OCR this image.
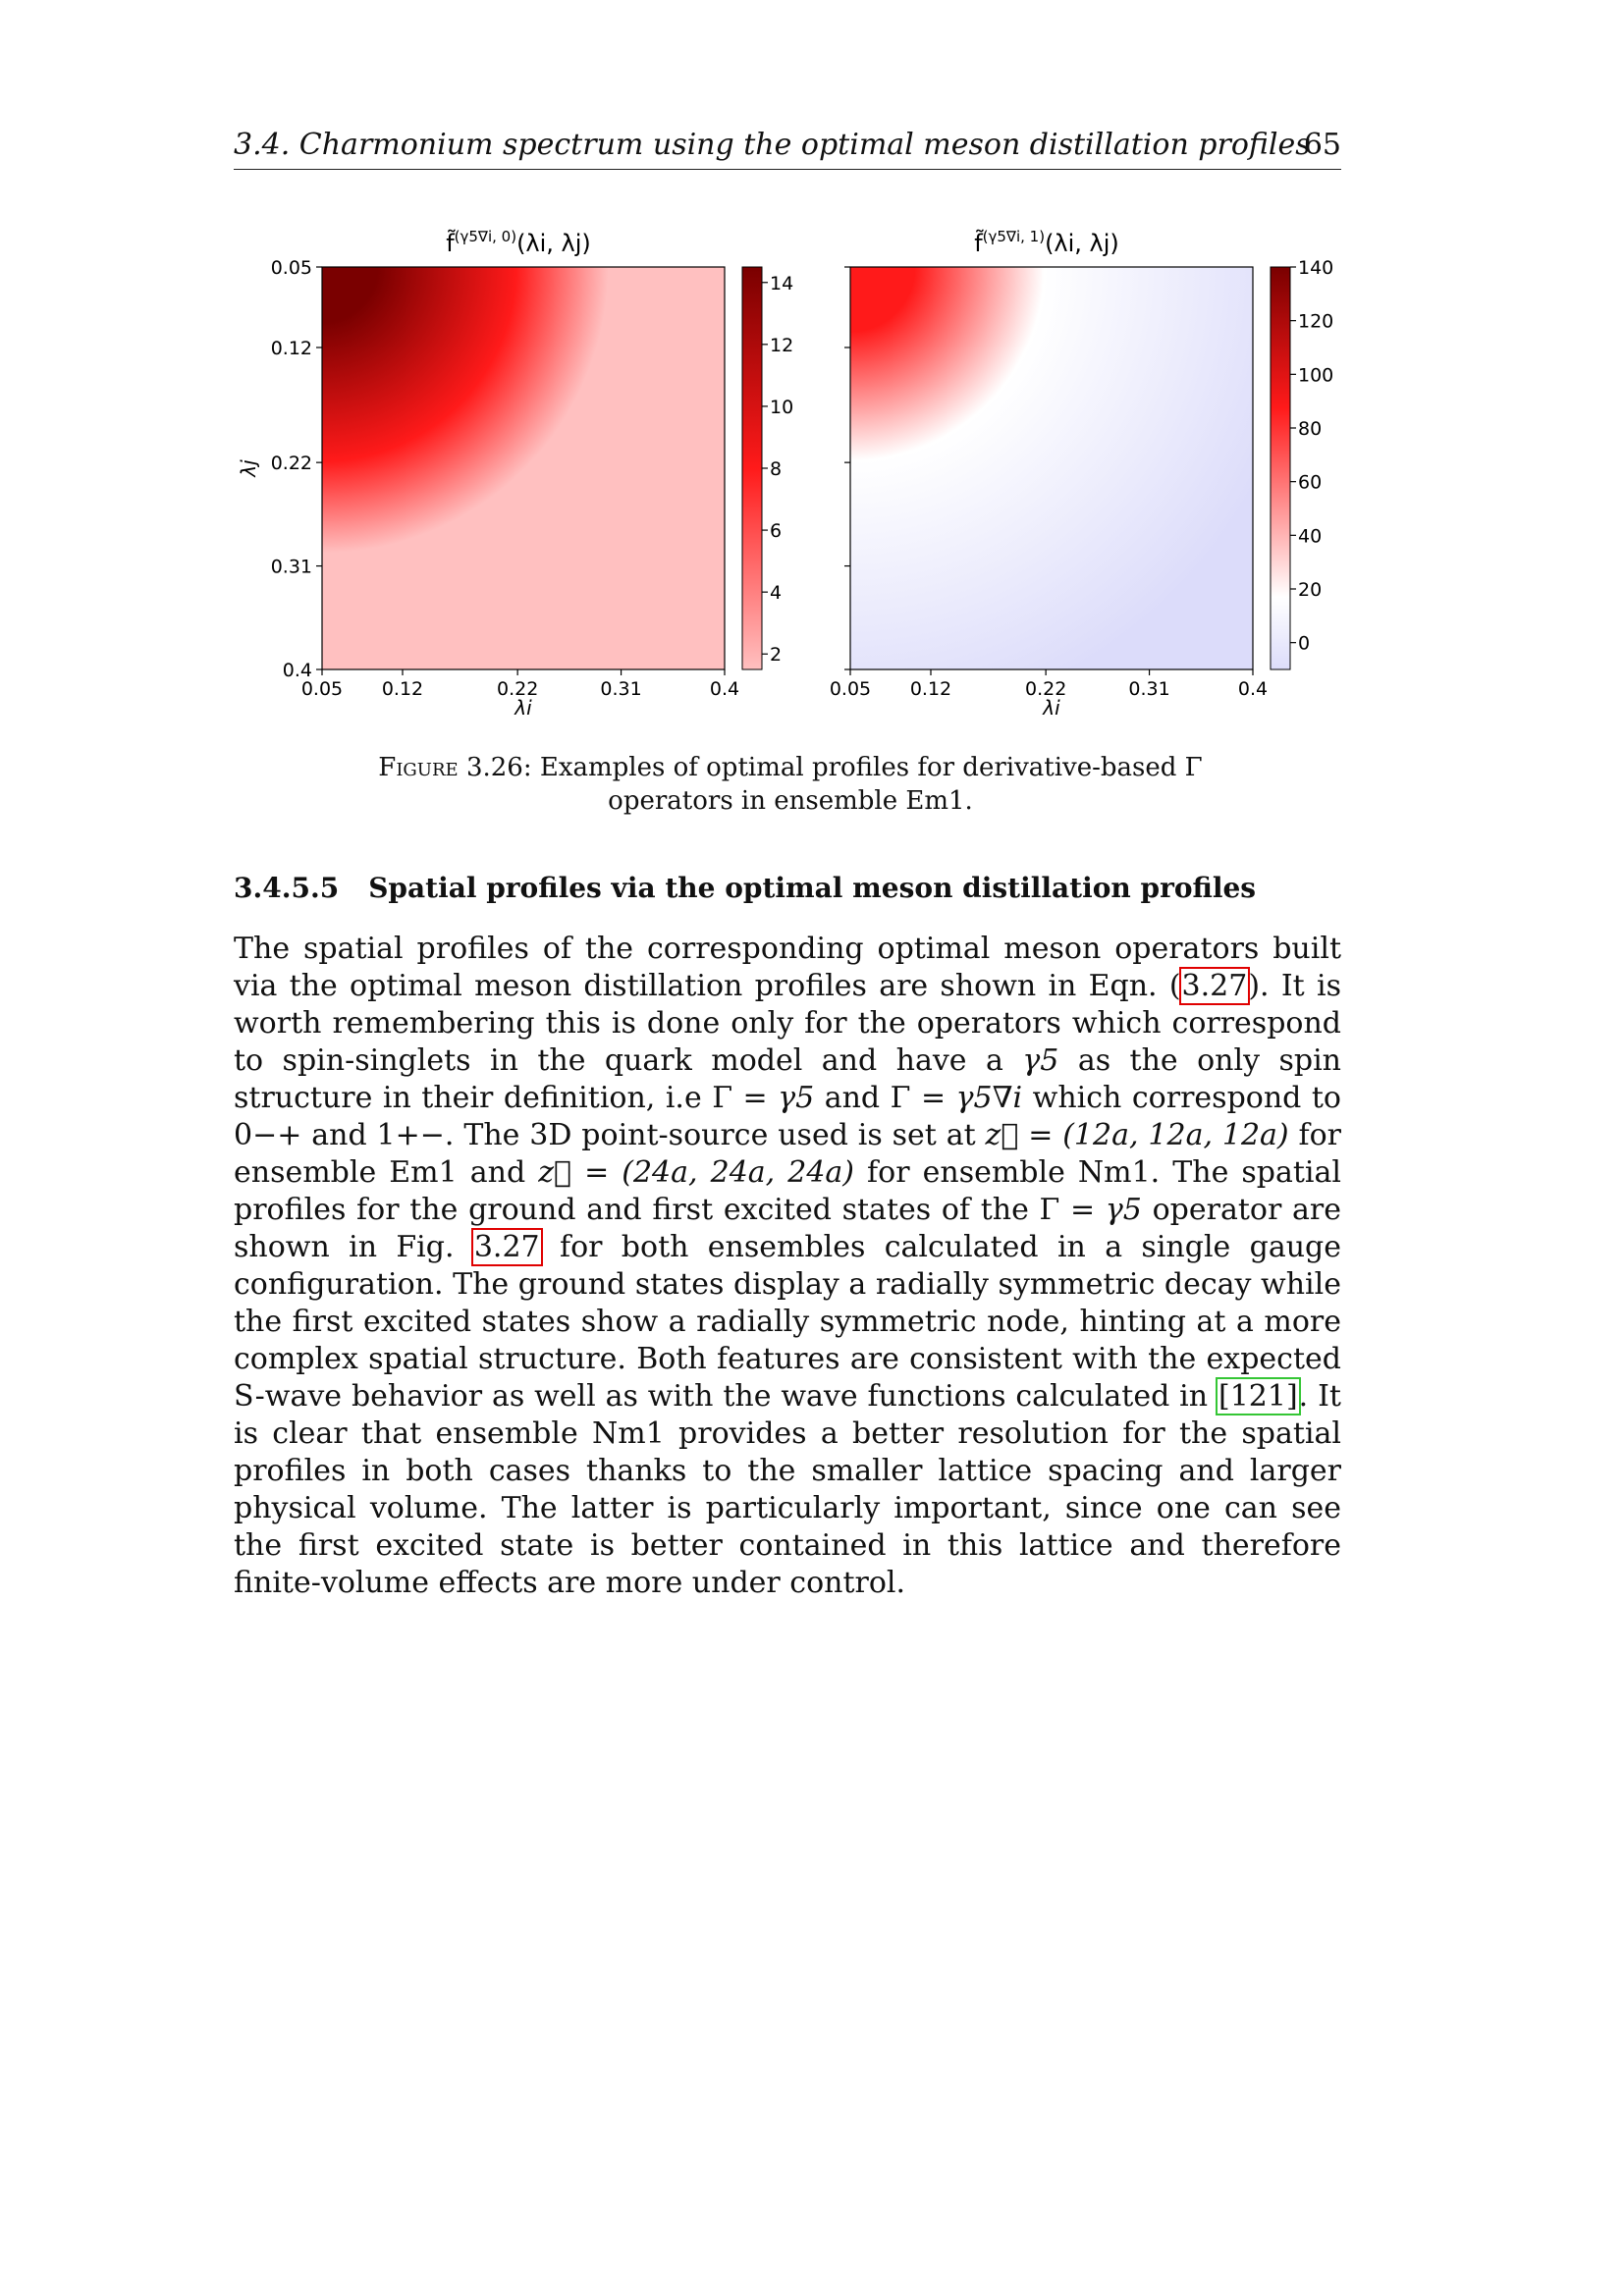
3.4. Charmonium spectrum using the optimal meson distillation profiles
65
f̃$^{(\gamma 5\nabla i, 0)}$(λi, λj)
0.05 0.12	0.22	0.31	0.4
0.05
0.12
0.22
0.31
0.4
λi
λj
14
12
10
8
6
4
2
f̃$^{(\gamma 5\nabla i, 1)}$(λi, λj)
0.05 0.12	0.22	0.31	0.4
λi
140
120
100
80
60
40
20
0
Figure 3.26: Examples of optimal profiles for derivative-based Γ operators in ensemble Em1.
3.4.5.5 Spatial profiles via the optimal meson distillation profiles
The spatial profiles of the corresponding optimal meson operators built via the optimal meson distillation profiles are shown in Eqn. (3.27). It is worth remembering this is done only for the operators which correspond to spin-singlets in the quark model and have a γ5 as the only spin structure in their definition, i.e Γ = γ5 and Γ = γ5∇i which correspond to 0−+ and 1+−. The 3D point-source used is set at z⃗ = (12a, 12a, 12a) for ensemble Em1 and z⃗ = (24a, 24a, 24a) for ensemble Nm1. The spatial profiles for the ground and first excited states of the Γ = γ5 operator are shown in Fig. 3.27 for both ensembles calculated in a single gauge configuration. The ground states display a radially symmetric decay while the first excited states show a radially symmetric node, hinting at a more complex spatial structure. Both features are consistent with the expected S-wave behavior as well as with the wave functions calculated in [121]. It is clear that ensemble Nm1 provides a better resolution for the spatial profiles in both cases thanks to the smaller lattice spacing and larger physical volume. The latter is particularly important, since one can see the first excited state is better contained in this lattice and therefore finite-volume effects are more under control.
